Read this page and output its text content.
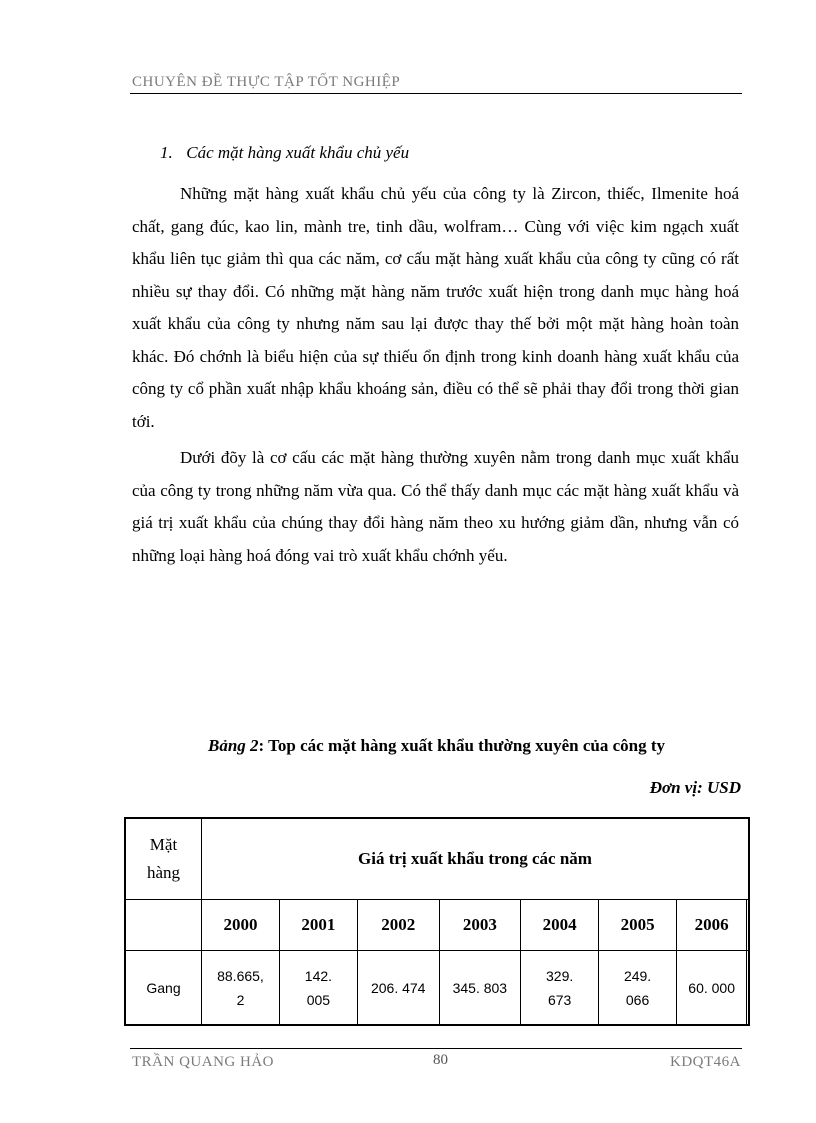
CHUYÊN ĐỀ THỰC TẬP TỐT NGHIỆP
1. Các mặt hàng xuất khẩu chủ yếu

Những mặt hàng xuất khẩu chủ yếu của công ty là Zircon, thiếc, Ilmenite hoá chất, gang đúc, kao lin, mành tre, tinh dầu, wolfram… Cùng với việc kim ngạch xuất khẩu liên tục giảm thì qua các năm, cơ cấu mặt hàng xuất khẩu của công ty cũng có rất nhiều sự thay đổi. Có những mặt hàng năm trước xuất hiện trong danh mục hàng hoá xuất khẩu của công ty nhưng năm sau lại được thay thế bởi một mặt hàng hoàn toàn khác. Đó chớnh là biểu hiện của sự thiếu ổn định trong kinh doanh hàng xuất khẩu của công ty cổ phần xuất nhập khẩu khoáng sản, điều có thể sẽ phải thay đổi trong thời gian tới.

Dưới đõy là cơ cấu các mặt hàng thường xuyên nằm trong danh mục xuất khẩu của công ty trong những năm vừa qua. Có thể thấy danh mục các mặt hàng xuất khẩu và giá trị xuất khẩu của chúng thay đổi hàng năm theo xu hướng giảm dần, nhưng vẫn có những loại hàng hoá đóng vai trò xuất khẩu chớnh yếu.

Bảng 2: Top các mặt hàng xuất khẩu thường xuyên của công ty
Đơn vị: USD
Mặt hàng	Giá trị xuất khẩu trong các năm							
	2000	2001	2002	2003	2004	2005	2006	
Gang	88.665, 2	142. 005	206. 474	345. 803	329. 673	249. 066	60. 000	
TRẦN QUANG HẢO	80	KDQT46A
